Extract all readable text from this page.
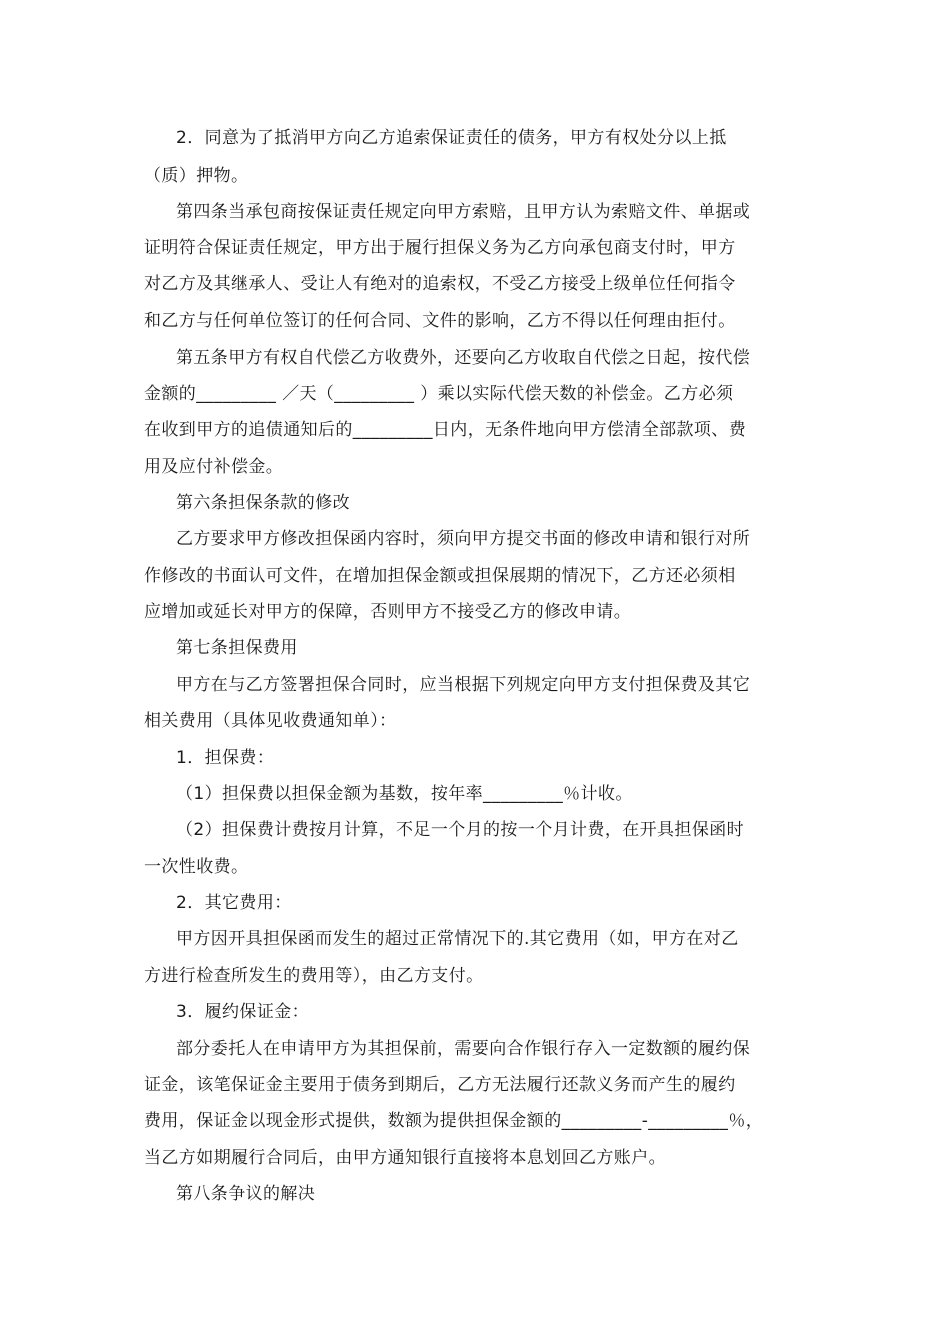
2．同意为了抵消甲方向乙方追索保证责任的债务，甲方有权处分以上抵
（质）押物。
第四条当承包商按保证责任规定向甲方索赔，且甲方认为索赔文件、单据或
证明符合保证责任规定，甲方出于履行担保义务为乙方向承包商支付时，甲方
对乙方及其继承人、受让人有绝对的追索权，不受乙方接受上级单位任何指令
和乙方与任何单位签订的任何合同、文件的影响，乙方不得以任何理由拒付。
第五条甲方有权自代偿乙方收费外，还要向乙方收取自代偿之日起，按代偿
金额的_________ ／天（_________ ）乘以实际代偿天数的补偿金。乙方必须
在收到甲方的追债通知后的_________日内，无条件地向甲方偿清全部款项、费
用及应付补偿金。
第六条担保条款的修改
乙方要求甲方修改担保函内容时，须向甲方提交书面的修改申请和银行对所
作修改的书面认可文件，在增加担保金额或担保展期的情况下，乙方还必须相
应增加或延长对甲方的保障，否则甲方不接受乙方的修改申请。
第七条担保费用
甲方在与乙方签署担保合同时，应当根据下列规定向甲方支付担保费及其它
相关费用（具体见收费通知单）：
1．担保费：
（1）担保费以担保金额为基数，按年率_________％计收。
（2）担保费计费按月计算，不足一个月的按一个月计费，在开具担保函时
一次性收费。
2．其它费用：
甲方因开具担保函而发生的超过正常情况下的.其它费用（如，甲方在对乙
方进行检查所发生的费用等），由乙方支付。
3．履约保证金：
部分委托人在申请甲方为其担保前，需要向合作银行存入一定数额的履约保
证金，该笔保证金主要用于债务到期后，乙方无法履行还款义务而产生的履约
费用，保证金以现金形式提供，数额为提供担保金额的_________-_________％，
当乙方如期履行合同后，由甲方通知银行直接将本息划回乙方账户。
第八条争议的解决
